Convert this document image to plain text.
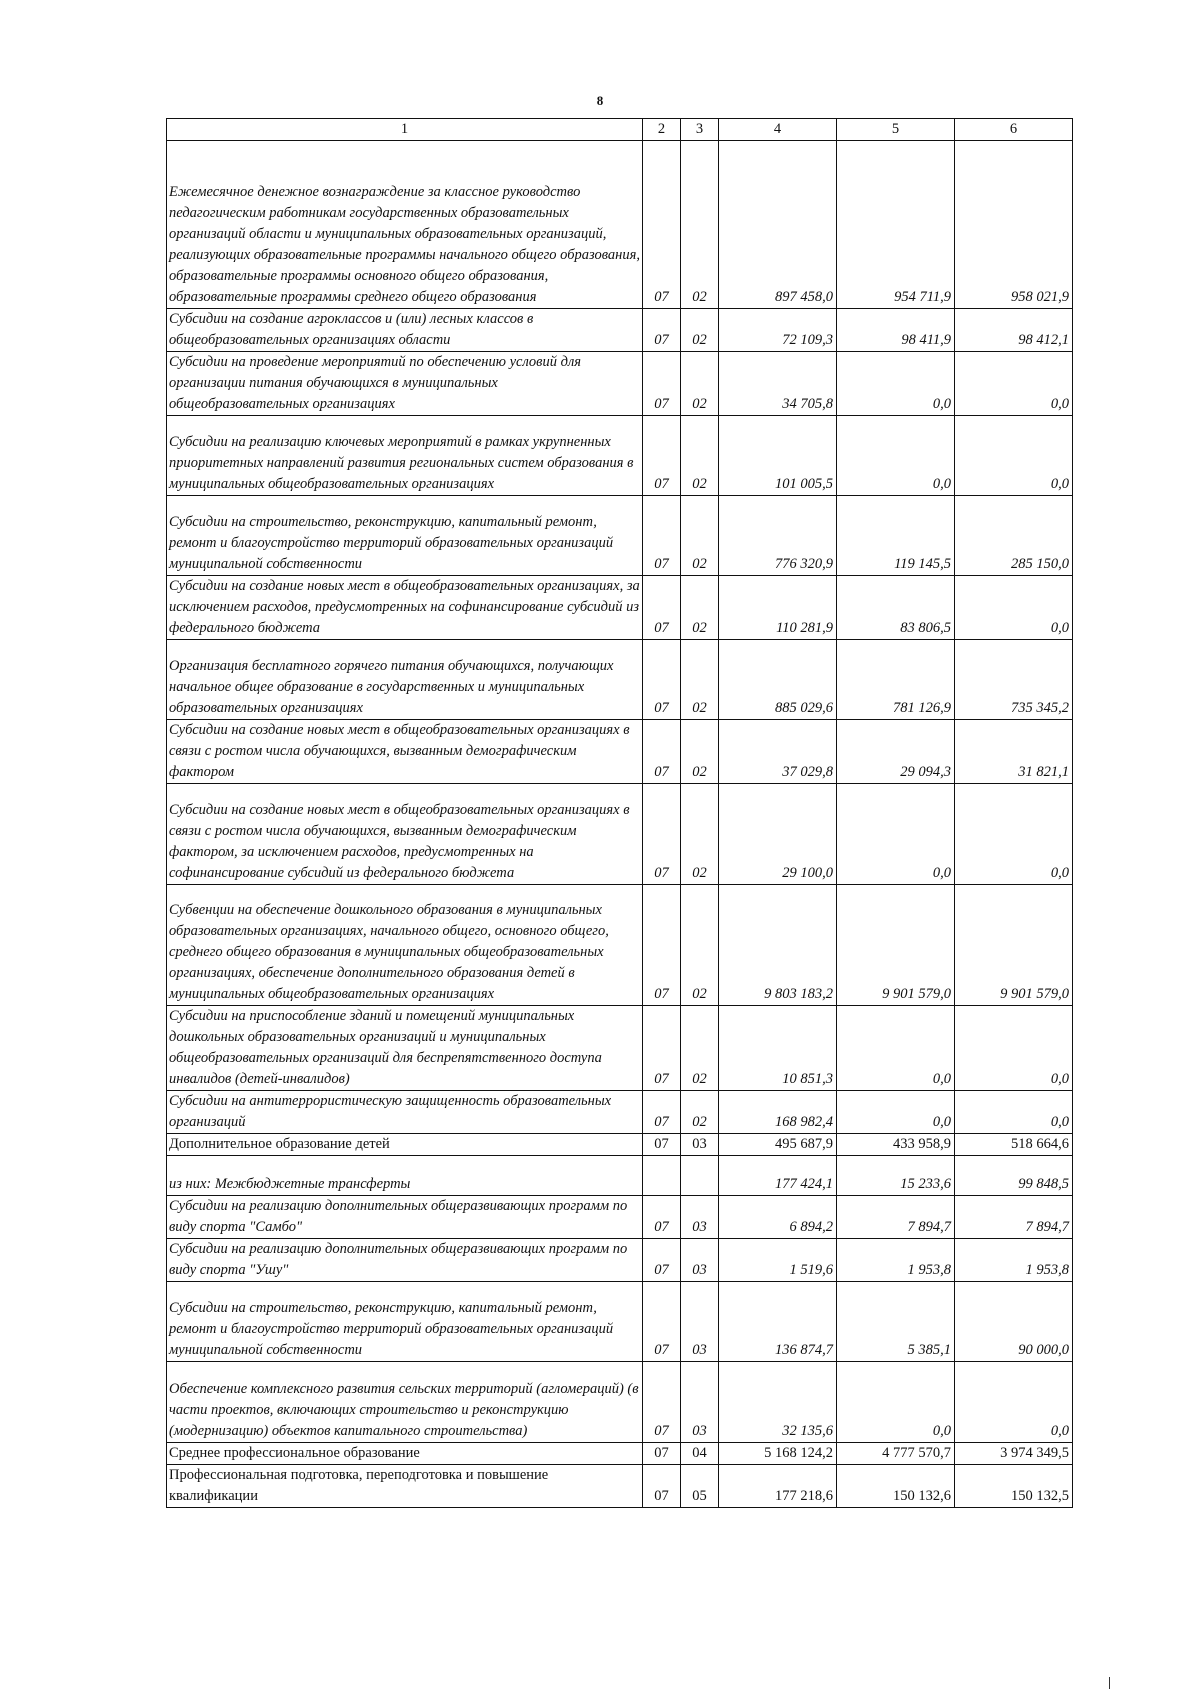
8
1	2	3	4	5	6
Ежемесячное денежное вознаграждение за классное руководство педагогическим работникам государственных образовательных организаций области и муниципальных образовательных организаций, реализующих образовательные программы начального общего образования, образовательные программы основного общего образования, образовательные программы среднего общего образования	07	02	897 458,0	954 711,9	958 021,9
Субсидии на создание агроклассов и (или) лесных классов в общеобразовательных организациях области	07	02	72 109,3	98 411,9	98 412,1
Субсидии на проведение мероприятий по обеспечению условий для организации питания обучающихся в муниципальных общеобразовательных организациях	07	02	34 705,8	0,0	0,0
Субсидии на реализацию ключевых мероприятий в рамках укрупненных приоритетных направлений развития региональных систем образования в муниципальных общеобразовательных организациях	07	02	101 005,5	0,0	0,0
Субсидии на строительство, реконструкцию, капитальный ремонт, ремонт и благоустройство территорий образовательных организаций муниципальной собственности	07	02	776 320,9	119 145,5	285 150,0
Субсидии на создание новых мест в общеобразовательных организациях, за исключением расходов, предусмотренных на софинансирование субсидий из федерального бюджета	07	02	110 281,9	83 806,5	0,0
Организация бесплатного горячего питания обучающихся, получающих начальное общее образование в государственных и муниципальных образовательных организациях	07	02	885 029,6	781 126,9	735 345,2
Субсидии на создание новых мест в общеобразовательных организациях в связи с ростом числа обучающихся, вызванным демографическим фактором	07	02	37 029,8	29 094,3	31 821,1
Субсидии на создание новых мест в общеобразовательных организациях в связи с ростом числа обучающихся, вызванным демографическим фактором, за исключением расходов, предусмотренных на софинансирование субсидий из федерального бюджета	07	02	29 100,0	0,0	0,0
Субвенции на обеспечение дошкольного образования в муниципальных образовательных организациях, начального общего, основного общего, среднего общего образования в муниципальных общеобразовательных организациях, обеспечение дополнительного образования детей в муниципальных общеобразовательных организациях	07	02	9 803 183,2	9 901 579,0	9 901 579,0
Субсидии на приспособление зданий и помещений муниципальных дошкольных образовательных организаций и муниципальных общеобразовательных организаций для беспрепятственного доступа инвалидов (детей-инвалидов)	07	02	10 851,3	0,0	0,0
Субсидии на антитеррористическую защищенность образовательных организаций	07	02	168 982,4	0,0	0,0
Дополнительное образование детей	07	03	495 687,9	433 958,9	518 664,6
из них: Межбюджетные трансферты			177 424,1	15 233,6	99 848,5
Субсидии на реализацию дополнительных общеразвивающих программ по виду спорта "Самбо"	07	03	6 894,2	7 894,7	7 894,7
Субсидии на реализацию дополнительных общеразвивающих программ по виду спорта "Ушу"	07	03	1 519,6	1 953,8	1 953,8
Субсидии на строительство, реконструкцию, капитальный ремонт, ремонт и благоустройство территорий образовательных организаций муниципальной собственности	07	03	136 874,7	5 385,1	90 000,0
Обеспечение комплексного развития сельских территорий (агломераций) (в части проектов, включающих строительство и реконструкцию (модернизацию) объектов капитального строительства)	07	03	32 135,6	0,0	0,0
Среднее профессиональное образование	07	04	5 168 124,2	4 777 570,7	3 974 349,5
Профессиональная подготовка, переподготовка и повышение квалификации	07	05	177 218,6	150 132,6	150 132,5
